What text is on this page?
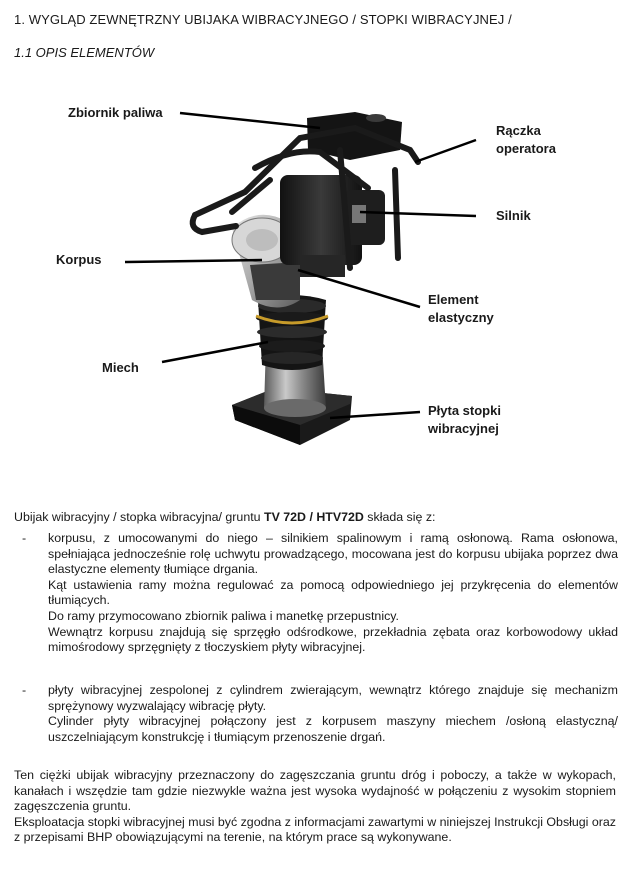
1. WYGLĄD ZEWNĘTRZNY UBIJAKA WIBRACYJNEGO / STOPKI WIBRACYJNEJ /
1.1 OPIS ELEMENTÓW
Zbiornik paliwa
Rączka
operatora
Silnik
Korpus
Element
elastyczny
Miech
Płyta stopki
wibracyjnej
Ubijak wibracyjny / stopka wibracyjna/ gruntu TV 72D / HTV72D składa się z:
- korpusu, z umocowanymi do niego – silnikiem spalinowym i ramą osłonową. Rama osłonowa, spełniająca jednocześnie rolę uchwytu prowadzącego, mocowana jest do korpusu ubijaka poprzez dwa elastyczne elementy tłumiące drgania.

Kąt ustawienia ramy można regulować za pomocą odpowiedniego jej przykręcenia do elementów tłumiących.

Do ramy przymocowano zbiornik paliwa i manetkę przepustnicy.

Wewnątrz korpusu znajdują się sprzęgło odśrodkowe, przekładnia zębata oraz korbowodowy układ mimośrodowy sprzęgnięty z tłoczyskiem płyty wibracyjnej.

- płyty wibracyjnej zespolonej z cylindrem zwierającym, wewnątrz którego znajduje się mechanizm sprężynowy wyzwalający wibrację płyty.

Cylinder płyty wibracyjnej połączony jest z korpusem maszyny miechem /osłoną elastyczną/ uszczelniającym konstrukcję i tłumiącym przenoszenie drgań.

Ten ciężki ubijak wibracyjny przeznaczony do zagęszczania gruntu dróg i poboczy, a także w wykopach, kanałach i wszędzie tam gdzie niezwykle ważna jest wysoka wydajność w połączeniu z wysokim stopniem zagęszczenia gruntu.

Eksploatacja stopki wibracyjnej musi być zgodna z informacjami zawartymi w niniejszej Instrukcji Obsługi oraz z przepisami BHP obowiązującymi na terenie, na którym prace są wykonywane.
